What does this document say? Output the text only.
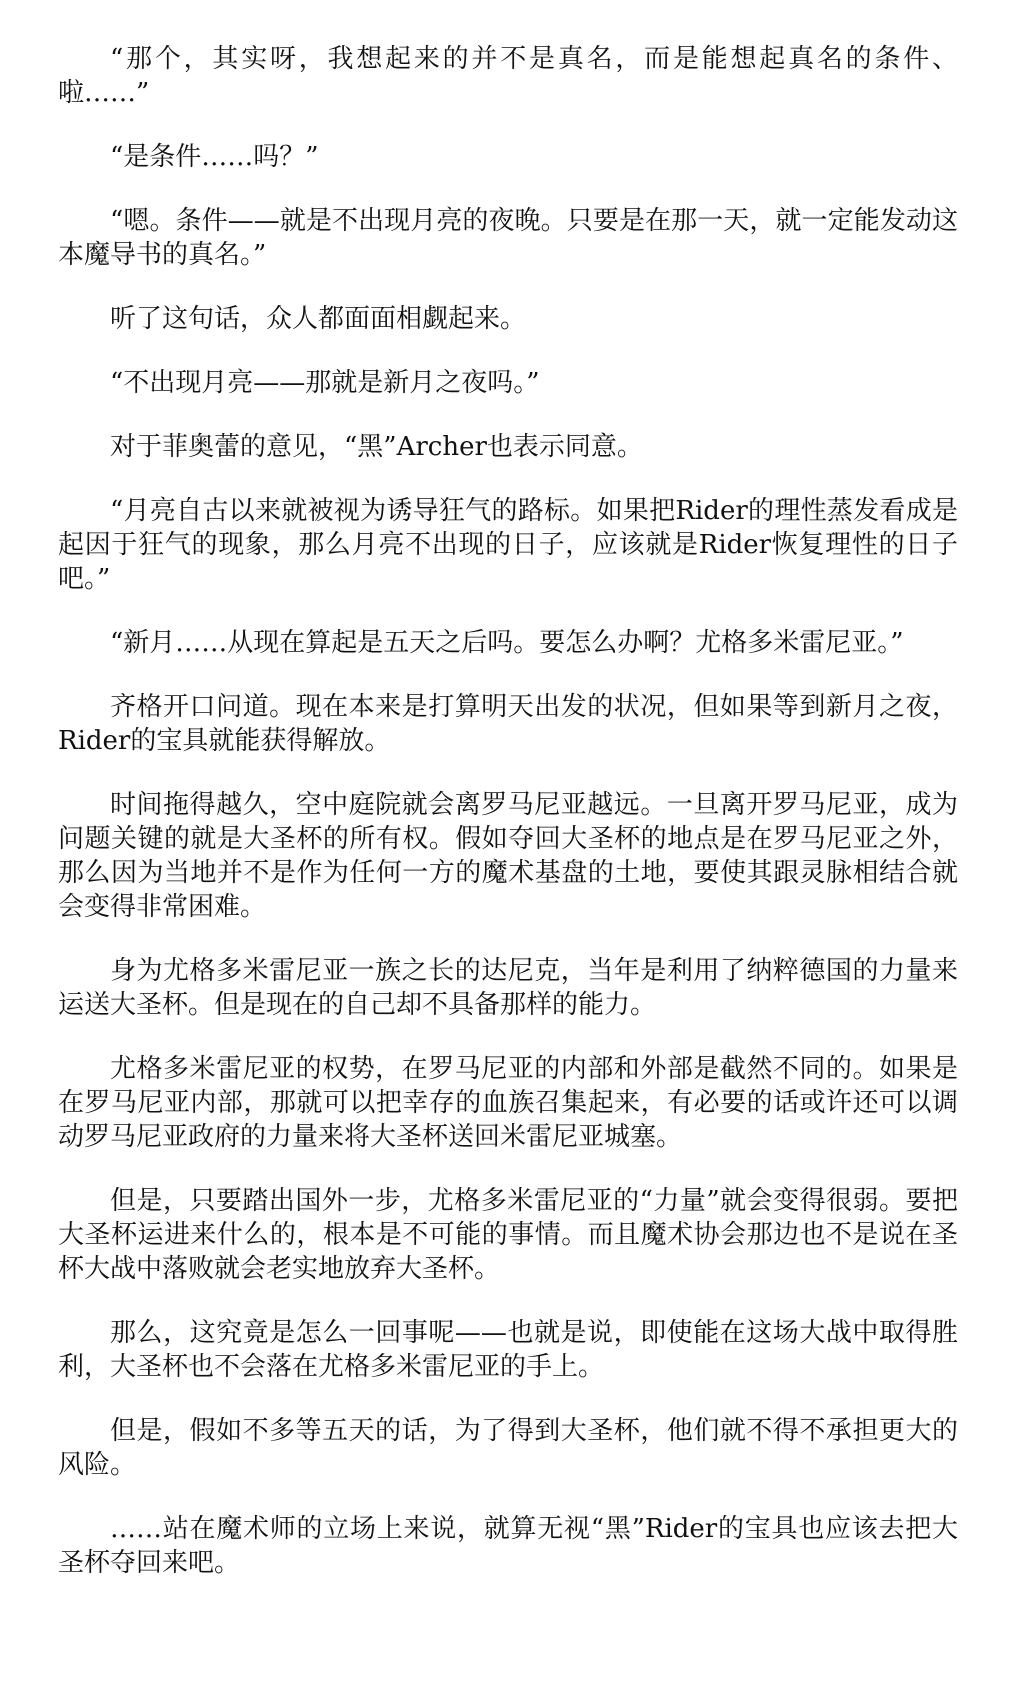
“那个，其实呀，我想起来的并不是真名，而是能想起真名的条件、啦……”

“是条件……吗？”

“嗯。条件——就是不出现月亮的夜晚。只要是在那一天，就一定能发动这本魔导书的真名。”

听了这句话，众人都面面相觑起来。

“不出现月亮——那就是新月之夜吗。”

对于菲奥蕾的意见，“黑”Archer也表示同意。

“月亮自古以来就被视为诱导狂气的路标。如果把Rider的理性蒸发看成是起因于狂气的现象，那么月亮不出现的日子，应该就是Rider恢复理性的日子吧。”

“新月……从现在算起是五天之后吗。要怎么办啊？尤格多米雷尼亚。”

齐格开口问道。现在本来是打算明天出发的状况，但如果等到新月之夜，Rider的宝具就能获得解放。

时间拖得越久，空中庭院就会离罗马尼亚越远。一旦离开罗马尼亚，成为问题关键的就是大圣杯的所有权。假如夺回大圣杯的地点是在罗马尼亚之外，那么因为当地并不是作为任何一方的魔术基盘的土地，要使其跟灵脉相结合就会变得非常困难。

身为尤格多米雷尼亚一族之长的达尼克，当年是利用了纳粹德国的力量来运送大圣杯。但是现在的自己却不具备那样的能力。

尤格多米雷尼亚的权势，在罗马尼亚的内部和外部是截然不同的。如果是在罗马尼亚内部，那就可以把幸存的血族召集起来，有必要的话或许还可以调动罗马尼亚政府的力量来将大圣杯送回米雷尼亚城塞。

但是，只要踏出国外一步，尤格多米雷尼亚的“力量”就会变得很弱。要把大圣杯运进来什么的，根本是不可能的事情。而且魔术协会那边也不是说在圣杯大战中落败就会老实地放弃大圣杯。

那么，这究竟是怎么一回事呢——也就是说，即使能在这场大战中取得胜利，大圣杯也不会落在尤格多米雷尼亚的手上。

但是，假如不多等五天的话，为了得到大圣杯，他们就不得不承担更大的风险。

……站在魔术师的立场上来说，就算无视“黑”Rider的宝具也应该去把大圣杯夺回来吧。
